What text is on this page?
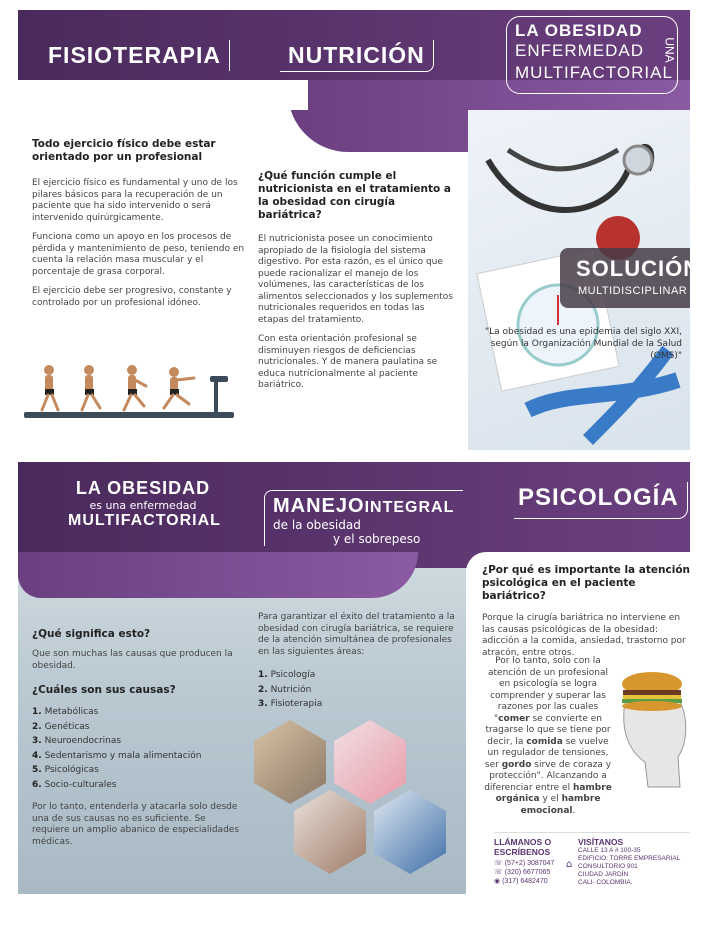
FISIOTERAPIA	NUTRICIÓN
LA OBESIDAD
ENFERMEDAD
MULTIFACTORIAL
UNA
Todo ejercicio físico debe estar orientado por un profesional

El ejercicio físico es fundamental y uno de los pilares básicos para la recuperación de un paciente que ha sido intervenido o será intervenido quirúrgicamente.

Funciona como un apoyo en los procesos de pérdida y mantenimiento de peso, teniendo en cuenta la relación masa muscular y el porcentaje de grasa corporal.

El ejercicio debe ser progresivo, constante y controlado por un profesional idóneo.

¿Qué función cumple el nutricionista en el tratamiento a la obesidad con cirugía bariátrica?

El nutricionista posee un conocimiento apropiado de la fisiología del sistema digestivo. Por esta razón, es el único que puede racionalizar el manejo de los volúmenes, las características de los alimentos seleccionados y los suplementos nutricionales requeridos en todas las etapas del tratamiento.

Con esta orientación profesional se disminuyen riesgos de deficiencias nutricionales. Y de manera paulatina se educa nutricionalmente al paciente bariátrico.

SOLUCIÓN
MULTIDISCIPLINAR
"La obesidad es una epidemia del siglo XXI, según la Organización Mundial de la Salud (OMS)"
LA OBESIDAD
es una enfermedad
MULTIFACTORIAL
MANEJOINTEGRAL
de la obesidad
y el sobrepeso
PSICOLOGÍA
¿Qué significa esto?

Que son muchas las causas que producen la obesidad.

¿Cuáles son sus causas?
1. Metabólicas
2. Genéticas
3. Neuroendocrinas
4. Sedentarismo y mala alimentación
5. Psicológicas
6. Socio-culturales

Por lo tanto, entenderla y atacarla solo desde una de sus causas no es suficiente. Se requiere un amplio abanico de especialidades médicas.

Para garantizar el éxito del tratamiento a la obesidad con cirugía bariátrica, se requiere de la atención simultánea de profesionales en las siguientes áreas:

1. Psicología
2. Nutrición
3. Fisioterapia
¿Por qué es importante la atención psicológica en el paciente bariátrico?

Porque la cirugía bariátrica no interviene en las causas psicológicas de la obesidad: adicción a la comida, ansiedad, trastorno por atracón, entre otros.

Por lo tanto, solo con la atención de un profesional en psicología se logra comprender y superar las razones por las cuales "comer se convierte en tragarse lo que se tiene por decir, la comida se vuelve un regulador de tensiones, ser gordo sirve de coraza y protección". Alcanzando a diferenciar entre el hambre orgánica y el hambre emocional.
LLÁMANOS O ESCRÍBENOS
☏ (57+2) 3087047
☏ (320) 6677065
◉ (317) 6482470
VISÍTANOS
⌂
CALLE 13 A # 100-35
EDIFICIO: TORRE EMPRESARIAL
CONSULTORIO 901
CIUDAD JARDÍN
CALI- COLOMBIA.
